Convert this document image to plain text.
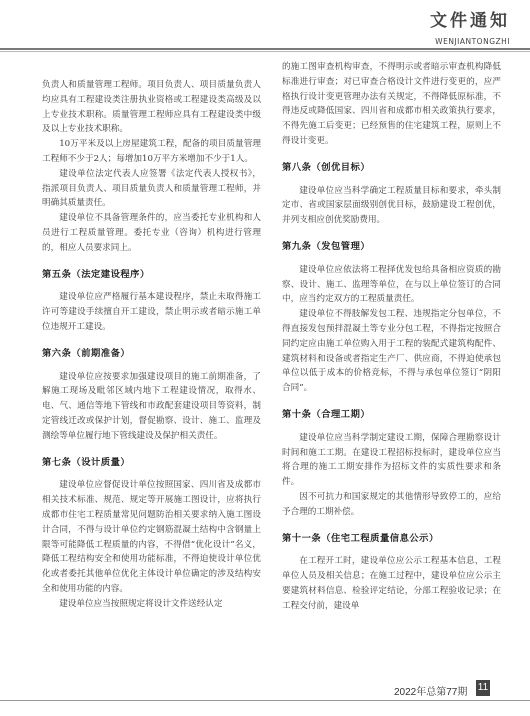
文件通知
WENJIANTONGZHI

负责人和质量管理工程师。项目负责人、项目质量负责人均应具有工程建设类注册执业资格或工程建设类高级及以上专业技术职称。质量管理工程师应具有工程建设类中级及以上专业技术职称。

10万平米及以上房屋建筑工程，配备的项目质量管理工程师不少于2人；每增加10万平方米增加不少于1人。

建设单位法定代表人应签署《法定代表人授权书》，指派项目负责人、项目质量负责人和质量管理工程师，并明确其质量责任。

建设单位不具备管理条件的，应当委托专业机构和人员进行工程质量管理。委托专业（咨询）机构进行管理的，相应人员要求同上。

第五条（法定建设程序）

建设单位应严格履行基本建设程序，禁止未取得施工许可等建设手续擅自开工建设，禁止明示或者暗示施工单位违规开工建设。

第六条（前期准备）

建设单位应按要求加强建设项目的施工前期准备，了解施工现场及毗邻区域内地下工程建设情况，取得水、电、气、通信等地下管线和市政配套建设项目等资料，制定管线迁改或保护计划，督促勘察、设计、施工、监理及测绘等单位履行地下管线建设及保护相关责任。

第七条（设计质量）

建设单位应督促设计单位按照国家、四川省及成都市相关技术标准、规范、规定等开展施工图设计，应将执行成都市住宅工程质量常见问题防治相关要求纳入施工图设计合同，不得与设计单位约定钢筋混凝土结构中含钢量上限等可能降低工程质量的内容，不得借“优化设计”名义，降低工程结构安全和使用功能标准，不得迫使设计单位优化或者委托其他单位优化主体设计单位确定的涉及结构安全和使用功能的内容。

建设单位应当按照规定将设计文件送经认定

的施工图审查机构审查，不得明示或者暗示审查机构降低标准进行审查；对已审查合格设计文件进行变更的，应严格执行设计变更管理办法有关规定，不得降低原标准，不得违反或降低国家、四川省和成都市相关政策执行要求，不得先施工后变更；已经预售的住宅建筑工程，原则上不得设计变更。

第八条（创优目标）

建设单位应当科学确定工程质量目标和要求，牵头制定市、省或国家层面级别创优目标，鼓励建设工程创优，并列支相应创优奖励费用。

第九条（发包管理）

建设单位应依法将工程择优发包给具备相应资质的勘察、设计、施工、监理等单位，在与以上单位签订的合同中，应当约定双方的工程质量责任。

建设单位不得肢解发包工程、违规指定分包单位，不得直接发包预拌混凝土等专业分包工程，不得指定按照合同约定应由施工单位购入用于工程的装配式建筑构配件、建筑材料和设备或者指定生产厂、供应商，不得迫使承包单位以低于成本的价格竞标，不得与承包单位签订“阴阳合同”。

第十条（合理工期）

建设单位应当科学制定建设工期，保障合理勘察设计时间和施工工期。在建设工程招标投标时，建设单位应当将合理的施工工期安排作为招标文件的实质性要求和条件。

因不可抗力和国家规定的其他情形导致停工的，应给予合理的工期补偿。

第十一条（住宅工程质量信息公示）

在工程开工时，建设单位应公示工程基本信息，工程单位人员及相关信息；在施工过程中，建设单位应公示主要建筑材料信息、检验评定结论，分部工程验收记录；在工程交付前，建设单

2022年总第77期 11
